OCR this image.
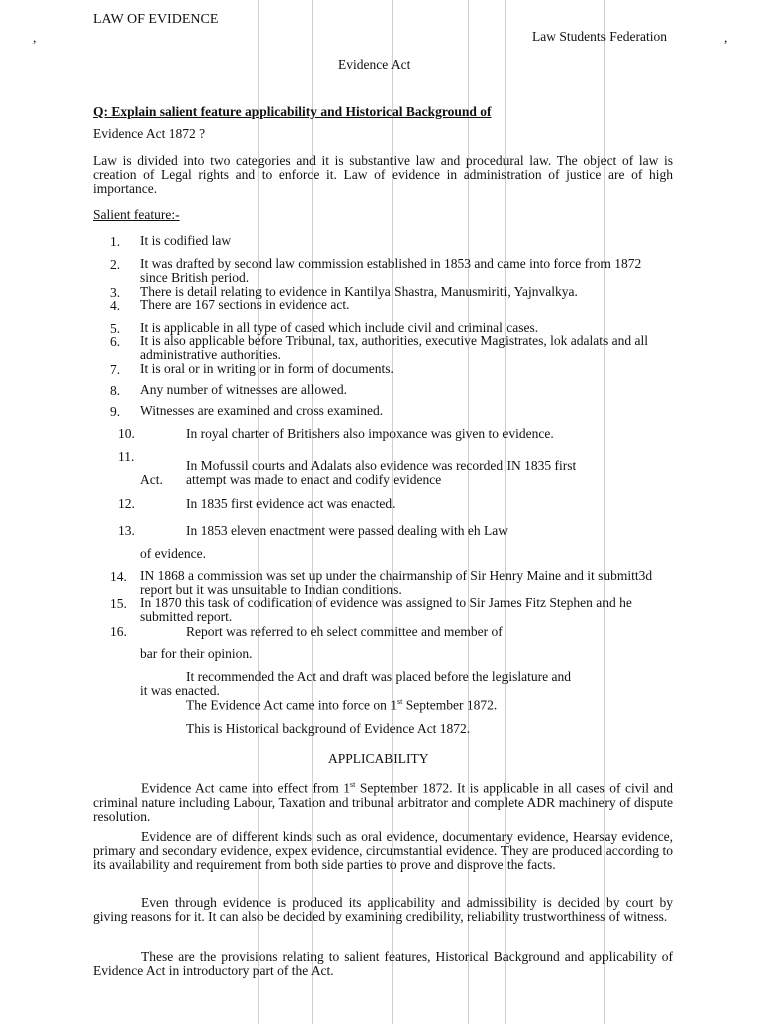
LAW OF EVIDENCE
,	Law Students Federation	,
Evidence Act
Q: Explain salient feature applicability and Historical Background of
Evidence Act 1872 ?
Law is divided into two categories and it is substantive law and procedural law. The object of law is creation of Legal rights and to enforce it. Law of evidence in administration of justice are of high importance.
Salient feature:-
1. It is codified law
2. It was drafted by second law commission established in 1853 and came into force from 1872 since British period.
3. There is detail relating to evidence in Kantilya Shastra, Manusmiriti, Yajnvalkya.
4. There are 167 sections in evidence act.
5. It is applicable in all type of cased which include civil and criminal cases.
6. It is also applicable before Tribunal, tax, authorities, executive Magistrates, lok adalats and all administrative authorities.
7. It is oral or in writing or in form of documents.
8. Any number of witnesses are allowed.
9. Witnesses are examined and cross examined.
10.	In royal charter of Britishers also impoxance was given to evidence.
11.
In Mofussil courts and Adalats also evidence was recorded IN 1835 first
Act. attempt was made to enact and codify evidence
12.	In 1835 first evidence act was enacted.
13.	In 1853 eleven enactment were passed dealing with eh Law
of evidence.
14. IN 1868 a commission was set up under the chairmanship of Sir Henry Maine and it submitt3d report but it was unsuitable to Indian conditions.
15. In 1870 this task of codification of evidence was assigned to Sir James Fitz Stephen and he submitted report.
16.	Report was referred to eh select committee and member of
bar for their opinion.
It recommended the Act and draft was placed before the legislature and
it was enacted.
The Evidence Act came into force on 1st September 1872.
This is Historical background of Evidence Act 1872.
APPLICABILITY
Evidence Act came into effect from 1st September 1872. It is applicable in all cases of civil and criminal nature including Labour, Taxation and tribunal arbitrator and complete ADR machinery of dispute resolution.
Evidence are of different kinds such as oral evidence, documentary evidence, Hearsay evidence, primary and secondary evidence, expex evidence, circumstantial evidence. They are produced according to its availability and requirement from both side parties to prove and disprove the facts.
Even through evidence is produced its applicability and admissibility is decided by court by giving reasons for it. It can also be decided by examining credibility, reliability trustworthiness of witness.
These are the provisions relating to salient features, Historical Background and applicability of Evidence Act in introductory part of the Act.
